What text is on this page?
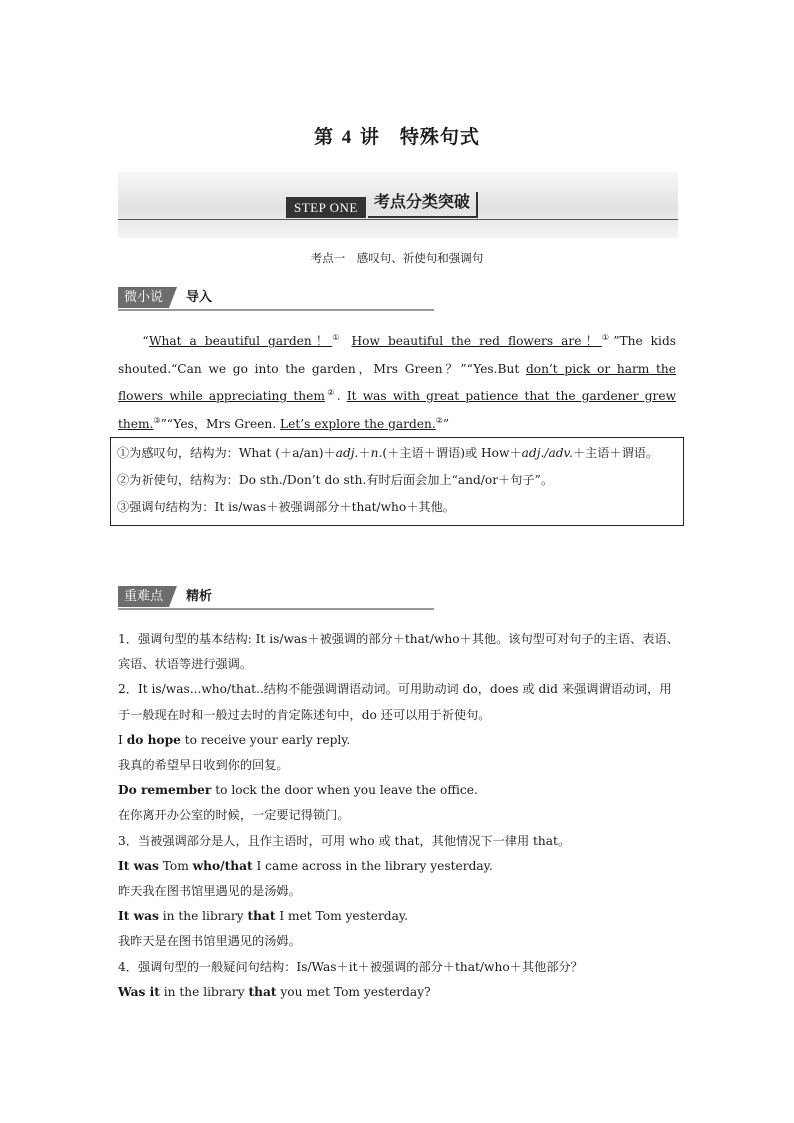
第 4 讲　特殊句式
STEP ONE	考点分类突破
考点一　感叹句、祈使句和强调句
微小说	导入
“What a beautiful garden！① How beautiful the red flowers are！①”The kids shouted.“Can we go into the garden，Mrs Green？”“Yes.But don’t pick or harm the flowers while appreciating them②. It was with great patience that the gardener grew them.③”“Yes，Mrs Green. Let’s explore the garden.②”

①为感叹句，结构为：What (＋a/an)＋adj.＋n.(＋主语＋谓语)或 How＋adj./adv.＋主语＋谓语。

②为祈使句，结构为：Do sth./Don’t do sth.有时后面会加上“and/or＋句子”。

③强调句结构为：It is/was＋被强调部分＋that/who＋其他。

重难点	精析

1．强调句型的基本结构: It is/was＋被强调的部分＋that/who＋其他。该句型可对句子的主语、表语、宾语、状语等进行强调。

2．It is/was...who/that..结构不能强调谓语动词。可用助动词 do，does 或 did 来强调谓语动词，用于一般现在时和一般过去时的肯定陈述句中，do 还可以用于祈使句。

I do hope to receive your early reply.

我真的希望早日收到你的回复。

Do remember to lock the door when you leave the office.

在你离开办公室的时候，一定要记得锁门。

3．当被强调部分是人，且作主语时，可用 who 或 that，其他情况下一律用 that。

It was Tom who/that I came across in the library yesterday.

昨天我在图书馆里遇见的是汤姆。

It was in the library that I met Tom yesterday.

我昨天是在图书馆里遇见的汤姆。

4．强调句型的一般疑问句结构：Is/Was＋it＋被强调的部分＋that/who＋其他部分？

Was it in the library that you met Tom yesterday?
